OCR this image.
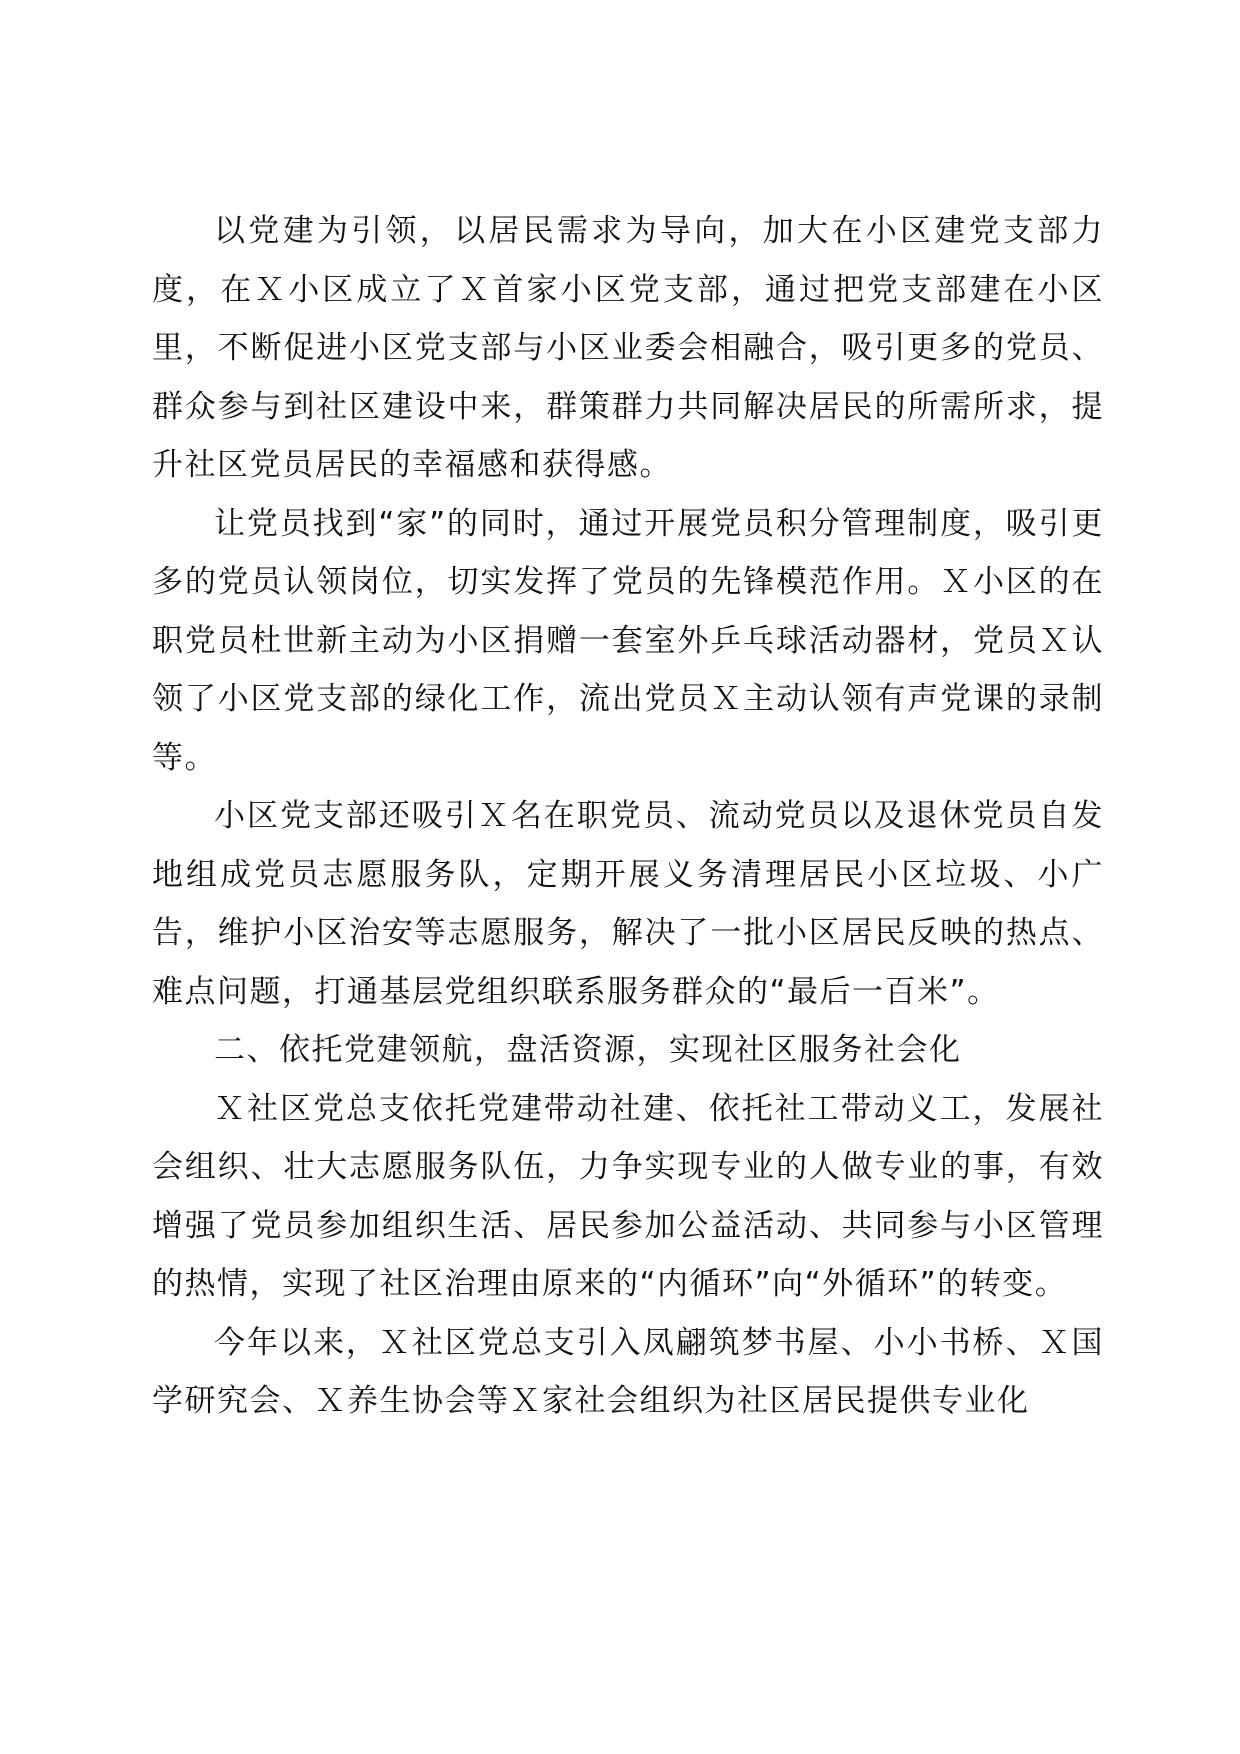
以党建为引领，以居民需求为导向，加大在小区建党支部力度，在Ｘ小区成立了Ｘ首家小区党支部，通过把党支部建在小区里，不断促进小区党支部与小区业委会相融合，吸引更多的党员、群众参与到社区建设中来，群策群力共同解决居民的所需所求，提升社区党员居民的幸福感和获得感。

让党员找到“家”的同时，通过开展党员积分管理制度，吸引更多的党员认领岗位，切实发挥了党员的先锋模范作用。Ｘ小区的在职党员杜世新主动为小区捐赠一套室外乒乓球活动器材，党员Ｘ认领了小区党支部的绿化工作，流出党员Ｘ主动认领有声党课的录制等。

小区党支部还吸引Ｘ名在职党员、流动党员以及退休党员自发地组成党员志愿服务队，定期开展义务清理居民小区垃圾、小广告，维护小区治安等志愿服务，解决了一批小区居民反映的热点、难点问题，打通基层党组织联系服务群众的“最后一百米”。

二、依托党建领航，盘活资源，实现社区服务社会化

Ｘ社区党总支依托党建带动社建、依托社工带动义工，发展社会组织、壮大志愿服务队伍，力争实现专业的人做专业的事，有效增强了党员参加组织生活、居民参加公益活动、共同参与小区管理的热情，实现了社区治理由原来的“内循环”向“外循环”的转变。

今年以来，Ｘ社区党总支引入凤翩筑梦书屋、小小书桥、Ｘ国学研究会、Ｘ养生协会等Ｘ家社会组织为社区居民提供专业化
